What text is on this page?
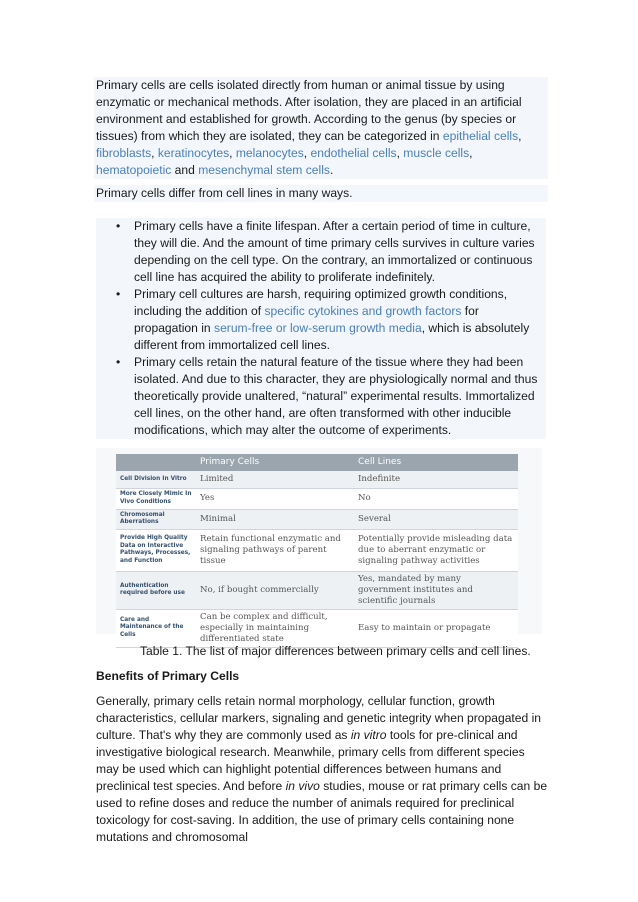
Primary cells are cells isolated directly from human or animal tissue by using enzymatic or mechanical methods. After isolation, they are placed in an artificial environment and established for growth. According to the genus (by species or tissues) from which they are isolated, they can be categorized in epithelial cells, fibroblasts, keratinocytes, melanocytes, endothelial cells, muscle cells, hematopoietic and mesenchymal stem cells.

Primary cells differ from cell lines in many ways.

• Primary cells have a finite lifespan. After a certain period of time in culture, they will die. And the amount of time primary cells survives in culture varies depending on the cell type. On the contrary, an immortalized or continuous cell line has acquired the ability to proliferate indefinitely.
• Primary cell cultures are harsh, requiring optimized growth conditions, including the addition of specific cytokines and growth factors for propagation in serum-free or low-serum growth media, which is absolutely different from immortalized cell lines.
• Primary cells retain the natural feature of the tissue where they had been isolated. And due to this character, they are physiologically normal and thus theoretically provide unaltered, “natural” experimental results. Immortalized cell lines, on the other hand, are often transformed with other inducible modifications, which may alter the outcome of experiments.
	Primary Cells	Cell Lines
Cell Division In Vitro	Limited	Indefinite
More Closely Mimic In Vivo Conditions	Yes	No
Chromosomal Aberrations	Minimal	Several
Provide High Quality Data on Interactive Pathways, Processes, and Function	Retain functional enzymatic and signaling pathways of parent tissue	Potentially provide misleading data due to aberrant enzymatic or signaling pathway activities
Authentication required before use	No, if bought commercially	Yes, mandated by many government institutes and scientific journals
Care and Maintenance of the Cells	Can be complex and difficult, especially in maintaining differentiated state	Easy to maintain or propagate

Table 1. The list of major differences between primary cells and cell lines.

Benefits of Primary Cells

Generally, primary cells retain normal morphology, cellular function, growth characteristics, cellular markers, signaling and genetic integrity when propagated in culture. That's why they are commonly used as in vitro tools for pre-clinical and investigative biological research. Meanwhile, primary cells from different species may be used which can highlight potential differences between humans and preclinical test species. And before in vivo studies, mouse or rat primary cells can be used to refine doses and reduce the number of animals required for preclinical toxicology for cost-saving. In addition, the use of primary cells containing none mutations and chromosomal
